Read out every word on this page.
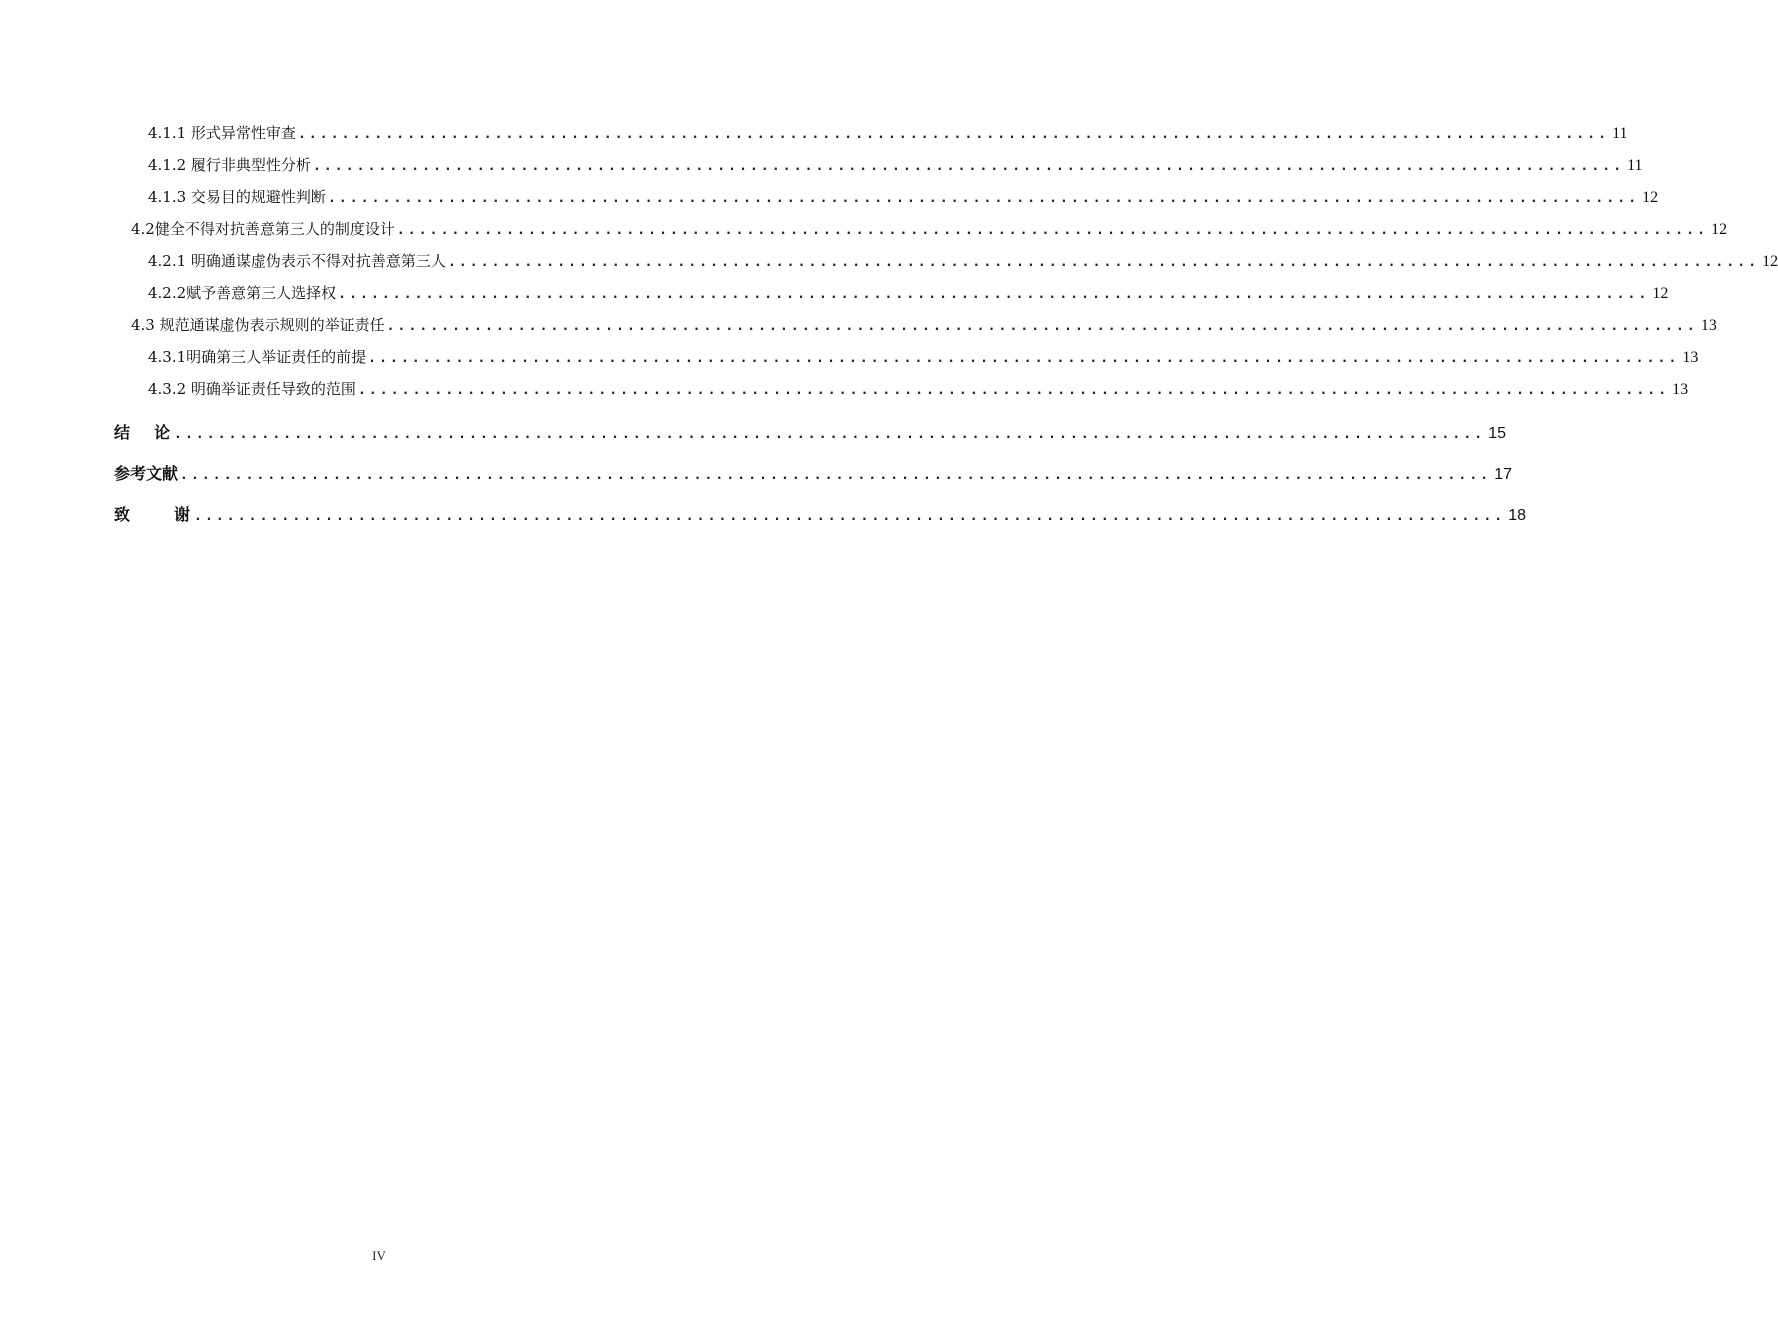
4.1.1 形式异常性审查 ........................................................................................................................ 11
4.1.2 履行非典型性分析 ........................................................................................................................ 11
4.1.3 交易目的规避性判断 ........................................................................................................................ 12
4.2健全不得对抗善意第三人的制度设计 ........................................................................................................................ 12
4.2.1 明确通谋虚伪表示不得对抗善意第三人 ........................................................................................................................ 12
4.2.2赋予善意第三人选择权 ........................................................................................................................ 12
4.3 规范通谋虚伪表示规则的举证责任 ........................................................................................................................ 13
4.3.1明确第三人举证责任的前提 ........................................................................................................................ 13
4.3.2 明确举证责任导致的范围 ........................................................................................................................ 13
结论
........................................................................................................................ 15
参考文献 ........................................................................................................................ 17
致谢
........................................................................................................................ 18
IV
